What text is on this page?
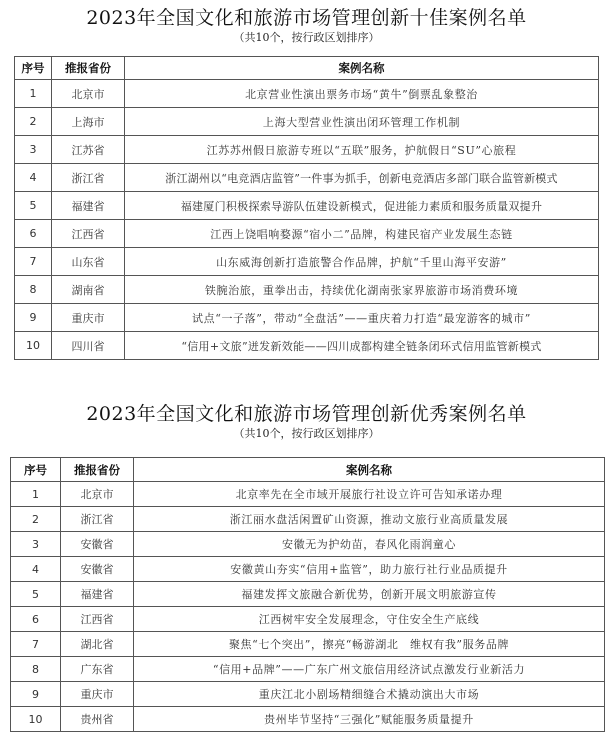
2023年全国文化和旅游市场管理创新十佳案例名单
（共10个，按行政区划排序）
序号	推报省份	案例名称
1	北京市	北京营业性演出票务市场“黄牛”倒票乱象整治
2	上海市	上海大型营业性演出闭环管理工作机制
3	江苏省	江苏苏州假日旅游专班以“五联”服务，护航假日“SU”心旅程
4	浙江省	浙江湖州以“电竞酒店监管”一件事为抓手，创新电竞酒店多部门联合监管新模式
5	福建省	福建厦门积极探索导游队伍建设新模式，促进能力素质和服务质量双提升
6	江西省	江西上饶唱响婺源“宿小二”品牌，构建民宿产业发展生态链
7	山东省	山东威海创新打造旅警合作品牌，护航“千里山海平安游”
8	湖南省	铁腕治旅，重拳出击，持续优化湖南张家界旅游市场消费环境
9	重庆市	试点“一子落”，带动“全盘活”——重庆着力打造“最宠游客的城市”
10	四川省	“信用+文旅”迸发新效能——四川成都构建全链条闭环式信用监管新模式
2023年全国文化和旅游市场管理创新优秀案例名单
（共10个，按行政区划排序）
序号	推报省份	案例名称
1	北京市	北京率先在全市域开展旅行社设立许可告知承诺办理
2	浙江省	浙江丽水盘活闲置矿山资源，推动文旅行业高质量发展
3	安徽省	安徽无为护幼苗，春风化雨润童心
4	安徽省	安徽黄山夯实“信用+监管”，助力旅行社行业品质提升
5	福建省	福建发挥文旅融合新优势，创新开展文明旅游宣传
6	江西省	江西树牢安全发展理念，守住安全生产底线
7	湖北省	聚焦“七个突出”，擦亮“畅游湖北　维权有我”服务品牌
8	广东省	“信用+品牌”——广东广州文旅信用经济试点激发行业新活力
9	重庆市	重庆江北小剧场精细缝合术撬动演出大市场
10	贵州省	贵州毕节坚持“三强化”赋能服务质量提升
